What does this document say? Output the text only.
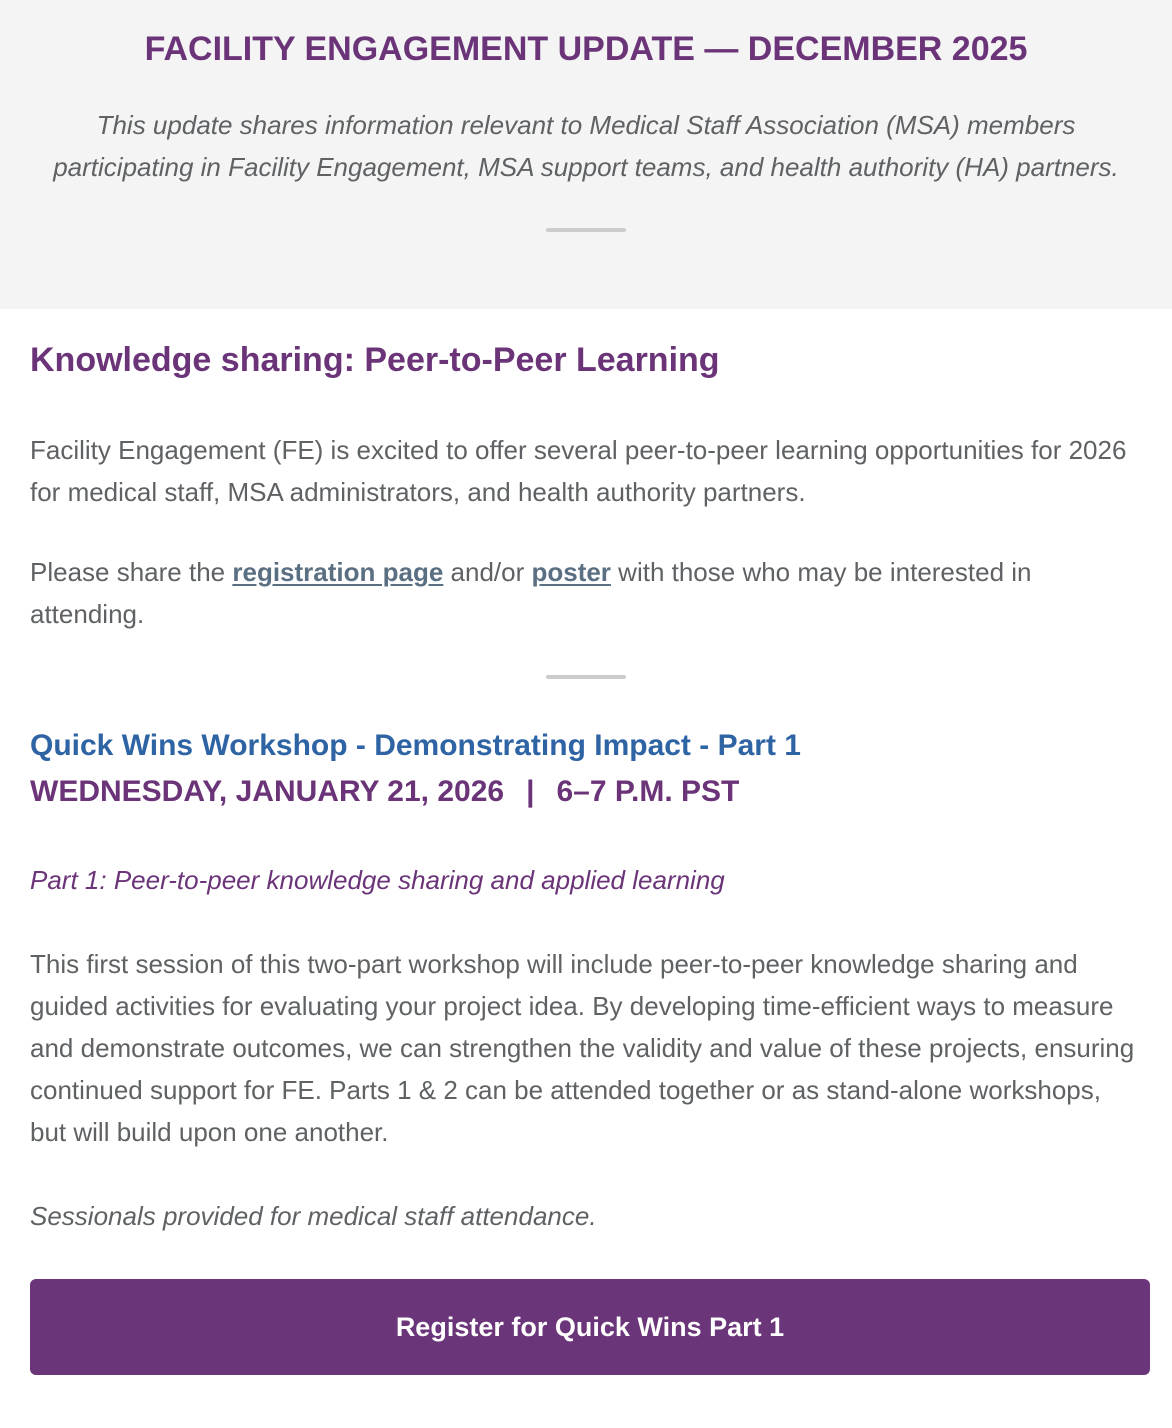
FACILITY ENGAGEMENT UPDATE — DECEMBER 2025

This update shares information relevant to Medical Staff Association (MSA) members participating in Facility Engagement, MSA support teams, and health authority (HA) partners.

Knowledge sharing: Peer-to-Peer Learning

Facility Engagement (FE) is excited to offer several peer-to-peer learning opportunities for 2026 for medical staff, MSA administrators, and health authority partners.

Please share the registration page and/or poster with those who may be interested in attending.

Quick Wins Workshop - Demonstrating Impact - Part 1

WEDNESDAY, JANUARY 21, 2026 | 6–7 P.M. PST

Part 1: Peer-to-peer knowledge sharing and applied learning

This first session of this two-part workshop will include peer-to-peer knowledge sharing and guided activities for evaluating your project idea. By developing time-efficient ways to measure and demonstrate outcomes, we can strengthen the validity and value of these projects, ensuring continued support for FE. Parts 1 & 2 can be attended together or as stand-alone workshops, but will build upon one another.

Sessionals provided for medical staff attendance.

Register for Quick Wins Part 1
